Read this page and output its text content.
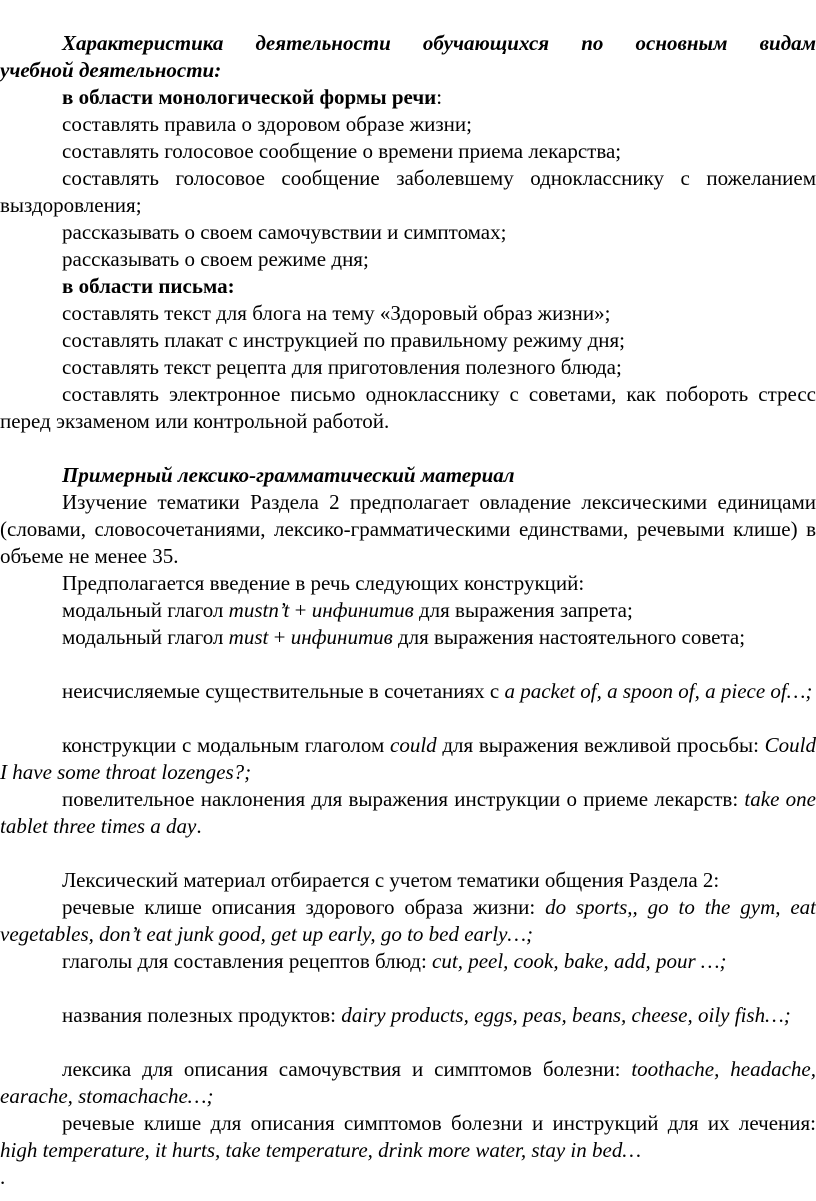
Характеристика деятельности обучающихся по основным видам
учебной деятельности:
в области монологической формы речи:
составлять правила о здоровом образе жизни;
составлять голосовое сообщение о времени приема лекарства;
составлять голосовое сообщение заболевшему однокласснику с пожеланием выздоровления;
рассказывать о своем самочувствии и симптомах;
рассказывать о своем режиме дня;
в области письма:
составлять текст для блога на тему «Здоровый образ жизни»;
составлять плакат с инструкцией по правильному режиму дня;
составлять текст рецепта для приготовления полезного блюда;
составлять электронное письмо однокласснику с советами, как побороть стресс перед экзаменом или контрольной работой.
Примерный лексико-грамматический материал
Изучение тематики Раздела 2 предполагает овладение лексическими единицами (словами, словосочетаниями, лексико-грамматическими единствами, речевыми клише) в объеме не менее 35.
Предполагается введение в речь следующих конструкций:
модальный глагол mustn’t + инфинитив для выражения запрета;
модальный глагол must + инфинитив для выражения настоятельного совета;
неисчисляемые существительные в сочетаниях с a packet of, a spoon of, a piece of…;
конструкции с модальным глаголом could для выражения вежливой просьбы: Could I have some throat lozenges?;
повелительное наклонения для выражения инструкции о приеме лекарств: take one tablet three times a day.
Лексический материал отбирается с учетом тематики общения Раздела 2:
речевые клише описания здорового образа жизни: do sports,, go to the gym, eat vegetables, don’t eat junk good, get up early, go to bed early…;
глаголы для составления рецептов блюд: cut, peel, cook, bake, add, pour …;
названия полезных продуктов: dairy products, eggs, peas, beans, cheese, oily fish…;
лексика для описания самочувствия и симптомов болезни: toothache, headache, earache, stomachache…;
речевые клише для описания симптомов болезни и инструкций для их лечения: high temperature, it hurts, take temperature, drink more water, stay in bed…
.
